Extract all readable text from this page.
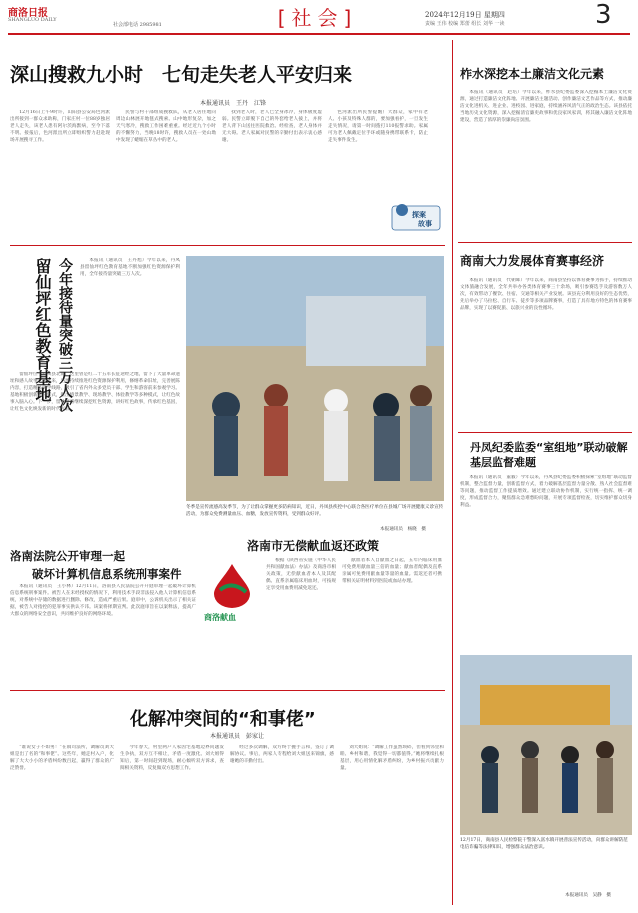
商洛日报
SHANGLUO DAILY
社会部电话 2985981	[社会]	2024年12月19日 星期四
责编 王伟 校编 郑蕾 组长 刘华 一读	3
深山搜救九小时　七旬走失老人平安归来
本报通讯员　王丹　江锋

12月16日上午9时许，山阳县公安局色河派出所接到一群众求助称，门家庄村一位88岁独居老人走失，该老人患有阿尔茨海默病，至今下落不明。接报后，色河派出所立即组织警力赶赴现场开展搜寻工作。

民警与村干部组成搜救队，从老人居住地向周边山林展开地毯式搜索。山中地形复杂，加之天气寒冷，搜救工作困难重重。经过近九个小时的不懈努力，当晚18时许，搜救人员在一处山坳中发现了蜷缩在草丛中的老人。

找到老人时，老人已全身冰冷，身体极度虚弱。民警立即脱下自己的外套给老人披上，并将老人背下山送往医院救治。经检查，老人身体并无大碍。老人家属对民警的辛勤付出表示衷心感谢。

色河派出所民警提醒广大群众，家中有老人、小孩及特殊人群的，要加强看护，一旦发生走失情况，请第一时间拨打110报警求助。家属可为老人佩戴定位手环或随身携带联系卡，防止走失事件发生。

探案
故事
留仙坪红色教育基地 今年接待量突破三万人次	本报讯（通讯员　王丹旭）今年以来，丹凤县留仙坪红色教育基地不断加强红色资源保护利用，全年接待量突破三万人次。

留仙坪位于丹凤县北部，这里曾是红二十五军长征途经之地，留下了大量革命遗址和感人故事。近年来，当地持续推进红色资源保护利用，修缮革命旧址，完善展陈内容，打造精品研学线路，吸引了省内外众多党员干部、学生和游客前来参观学习。基地积极创新教育形式，推出情景教学、现场教学、体验教学等多种模式，让红色故事入脑入心。下一步，留仙坪将继续深挖红色资源，讲好红色故事，传承红色基因，让红色文化焕发新的时代光彩。

冬季是宣传流感高发季节，为了让群众掌握更多防病知识，近日，丹凤县疾控中心联合各医疗单位在县城广场开展健康义诊宣传活动，为群众免费测量血压、血糖，发放宣传资料，受到群众好评。
本报通讯员　杨晓　摄
洛南法院公开审理一起
破坏计算机信息系统刑事案件

本报讯（通讯员　王小林）12月11日，洛南县人民法院公开开庭审理一起破坏计算机信息系统刑事案件。被告人在未经授权的情况下，利用技术手段非法侵入他人计算机信息系统，对系统中存储的数据进行删除、修改，造成严重后果。庭审中，公诉机关出示了相关证据，被告人对指控的犯罪事实供认不讳。该案将择期宣判。此次庭审旨在以案释法，提高广大群众的网络安全意识，共同维护良好的网络环境。

洛南市无偿献血返还政策
商洛献血

根据《陕西省实施〈中华人民共和国献血法〉办法》及商洛市相关政策，无偿献血者本人及其配偶、直系亲属临床用血时，可按规定享受用血费用减免返还。

献血者本人自献血之日起，五年内临床用血可免费用献血量三倍的血量；献血者配偶及直系亲属可免费用献血量等量的血量。需返还者可携带相关证明材料到医院或血站办理。

化解冲突间的“和事佬”
本报通讯员　彭家让

“谁说女子不如男！”在镇司法所，调解员刘大姐是出了名的“和事佬”。这些年，她走村入户，化解了大大小小的矛盾纠纷数百起，赢得了群众的广泛赞誉。

今年春天，村里两户人家因宅基地边界问题发生争执，双方互不相让，矛盾一度激化。刘大姐得知后，第一时间赶到现场，耐心倾听双方诉求，查阅相关资料，反复做双方思想工作。

经过多次调解，双方终于握手言和，签订了调解协议。事后，两家人专程给刘大姐送来锦旗，感谢她的辛勤付出。

刘大姐说：“调解工作虽然琐碎，但看到邻里和睦、乡村和谐，我觉得一切都值得。”她将继续扎根基层，用心用情化解矛盾纠纷，为乡村振兴贡献力量。

柞水深挖本土廉洁文化元素

本报讯（通讯员　赵培）今年以来，柞水县纪委监委深入挖掘本土廉洁文化资源，通过打造廉洁文化阵地、开展廉洁主题活动、创作廉洁文艺作品等方式，推动廉洁文化进机关、进企业、进校园、进家庭，持续涵养风清气正的政治生态。该县依托当地历史文化资源，深入挖掘清官廉吏故事和优良家风家训，将其融入廉洁文化阵地建设，营造了浓厚的崇廉尚洁氛围。

商南大力发展体育赛事经济

本报讯（通讯员　代朝晖）今年以来，商南县坚持以体育赛事为抓手，持续推动文体旅融合发展，全年共举办各类体育赛事三十余场，吸引参赛选手及游客数万人次，有效带动了餐饮、住宿、交通等相关产业发展。该县充分利用良好的生态优势，先后举办了马拉松、自行车、徒步等多项品牌赛事，打造了具有地方特色的体育赛事品牌，实现了以赛促旅、以旅兴业的良性循环。

丹凤纪委监委“室组地”联动破解基层监督难题

本报讯（通讯员　董毅）今年以来，丹凤县纪委监委积极探索“室组地”联动监督机制，整合监督力量，创新监督方式，着力破解基层监督力量分散、熟人社会监督难等问题，推动监督工作提质增效。通过建立联动协作机制，实行统一指挥、统一调度，形成监督合力，聚焦群众急难愁盼问题，开展专项监督检查，切实维护群众切身利益。

12月17日，商南县人民检察院干警深入富水镇开展普法宣传活动，向群众讲解防范电信诈骗等法律知识，增强群众法治意识。
本报通讯员　吴静　摄
